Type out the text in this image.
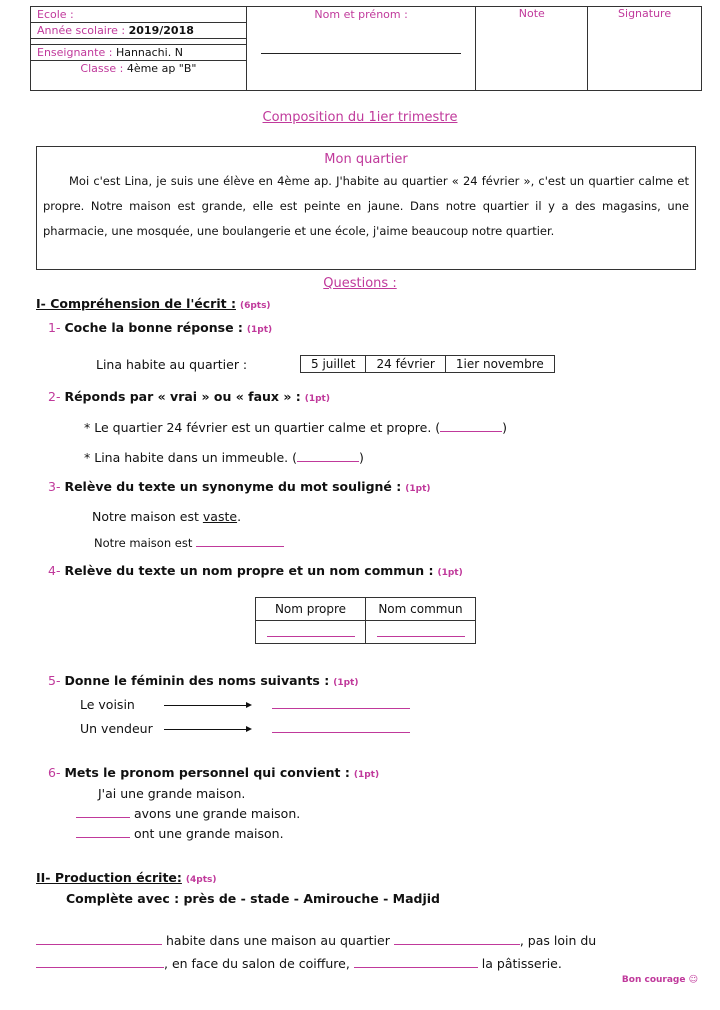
Ecole :
Année scolaire : 2019/2018
Enseignante : Hannachi. N
Classe : 4ème ap "B"

Nom et prénom :	Note	Signature
Composition du 1ier trimestre
Mon quartier

Moi c'est Lina, je suis une élève en 4ème ap. J'habite au quartier « 24 février », c'est un quartier calme et propre. Notre maison est grande, elle est peinte en jaune. Dans notre quartier il y a des magasins, une pharmacie, une mosquée, une boulangerie et une école, j'aime beaucoup notre quartier.

Questions :
I- Compréhension de l'écrit : (6pts)
1- Coche la bonne réponse : (1pt)
Lina habite au quartier :	5 juillet	24 février	1ier novembre
2- Réponds par « vrai » ou « faux » : (1pt)
* Le quartier 24 février est un quartier calme et propre. (	)
* Lina habite dans un immeuble. (	)
3- Relève du texte un synonyme du mot souligné : (1pt)
Notre maison est vaste.
Notre maison est
4- Relève du texte un nom propre et un nom commun : (1pt)
Nom propre	Nom commun

5- Donne le féminin des noms suivants : (1pt)
Le voisin
Un vendeur
6- Mets le pronom personnel qui convient : (1pt)
J'ai une grande maison.
avons une grande maison.
ont une grande maison.
II- Production écrite: (4pts)
Complète avec : près de - stade - Amirouche - Madjid
habite dans une maison au quartier	, pas loin du
, en face du salon de coiffure,	la pâtisserie.
Bon courage ☺
